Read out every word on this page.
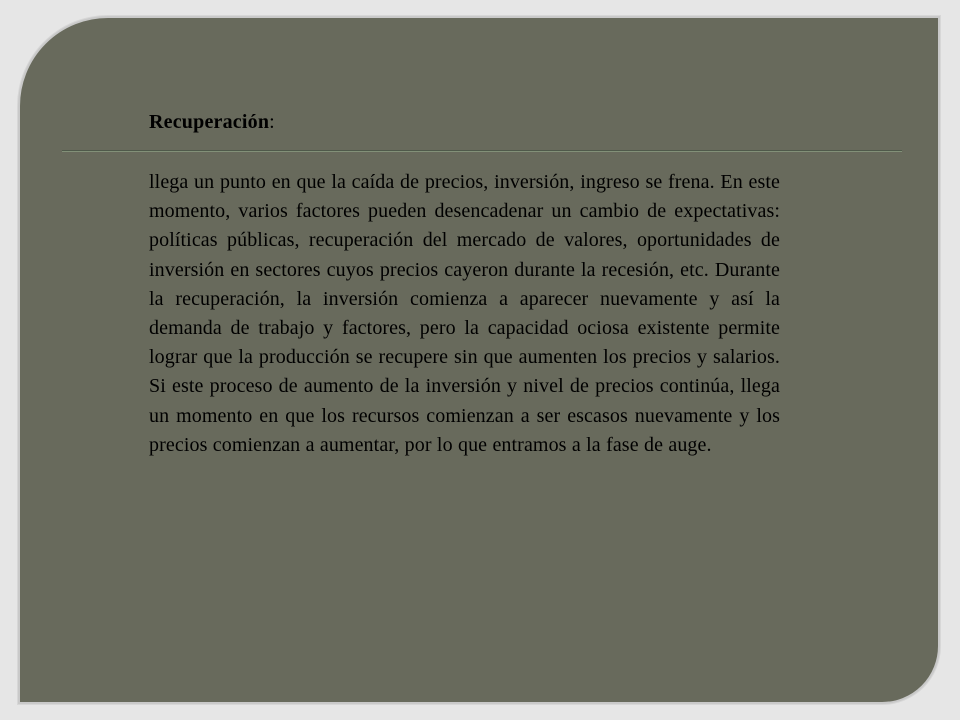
Recuperación:

llega un punto en que la caída de precios, inversión, ingreso se frena. En este momento, varios factores pueden desencadenar un cambio de expectativas: políticas públicas, recuperación del mercado de valores, oportunidades de inversión en sectores cuyos precios cayeron durante la recesión, etc. Durante la recuperación, la inversión comienza a aparecer nuevamente y así la demanda de trabajo y factores, pero la capacidad ociosa existente permite lograr que la producción se recupere sin que aumenten los precios y salarios. Si este proceso de aumento de la inversión y nivel de precios continúa, llega un momento en que los recursos comienzan a ser escasos nuevamente y los precios comienzan a aumentar, por lo que entramos a la fase de auge.
